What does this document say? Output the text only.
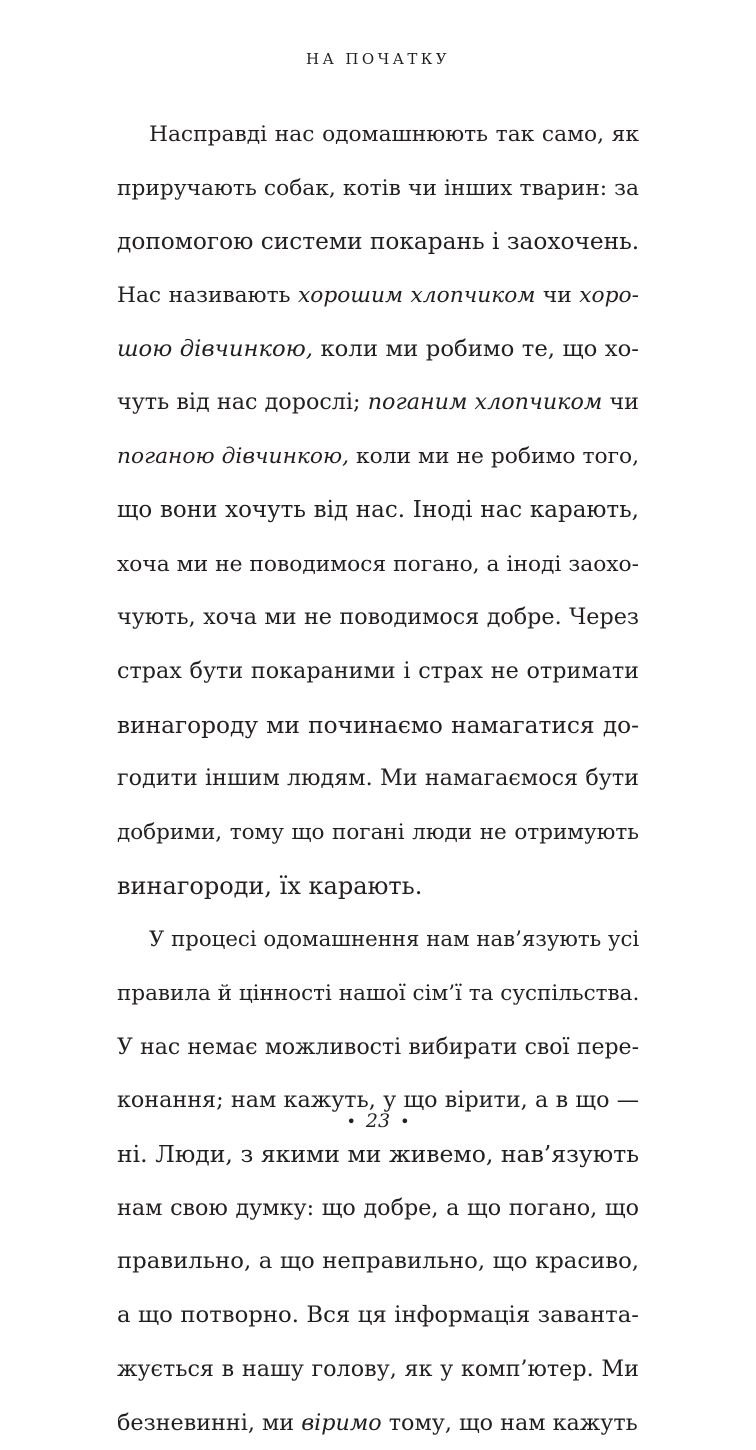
НА ПОЧАТКУ
Насправді нас одомашнюють так само, як
приручають собак, котів чи інших тварин: за
допомогою системи покарань і заохочень.
Нас називають хорошим хлопчиком чи хоро-
шою дівчинкою, коли ми робимо те, що хо-
чуть від нас дорослі; поганим хлопчиком чи
поганою дівчинкою, коли ми не робимо того,
що вони хочуть від нас. Іноді нас карають,
хоча ми не поводимося погано, а іноді заохо-
чують, хоча ми не поводимося добре. Через
страх бути покараними і страх не отримати
винагороду ми починаємо намагатися до-
годити іншим людям. Ми намагаємося бути
добрими, тому що погані люди не отримують
винагороди, їх карають.
У процесі одомашнення нам нав’язують усі
правила й цінності нашої сім’ї та суспільства.
У нас немає можливості вибирати свої пере-
конання; нам кажуть, у що вірити, а в що —
ні. Люди, з якими ми живемо, нав’язують
нам свою думку: що добре, а що погано, що
правильно, а що неправильно, що красиво,
а що потворно. Вся ця інформація заванта-
жується в нашу голову, як у комп’ютер. Ми
безневинні, ми віримо тому, що нам кажуть
• 23 •
